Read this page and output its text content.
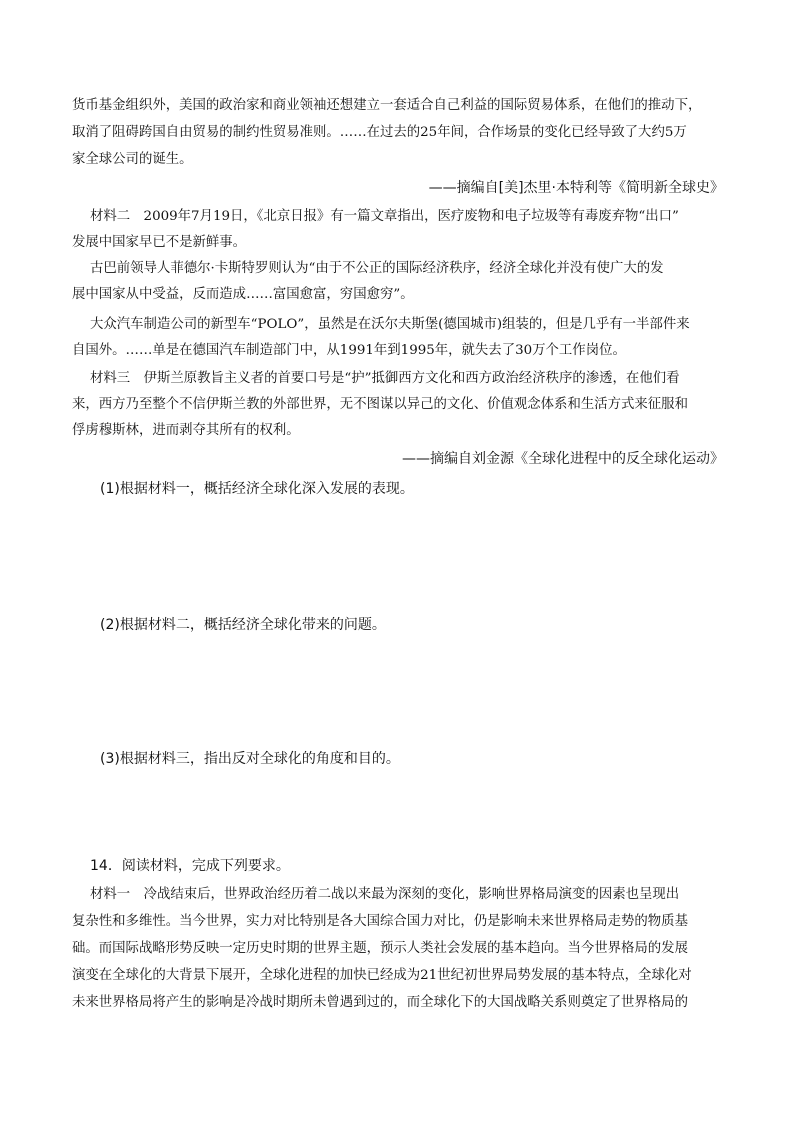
货币基金组织外，美国的政治家和商业领袖还想建立一套适合自己利益的国际贸易体系，在他们的推动下，
取消了阻碍跨国自由贸易的制约性贸易准则。……在过去的25年间，合作场景的变化已经导致了大约5万
家全球公司的诞生。
——摘编自[美]杰里·本特利等《简明新全球史》
材料二　2009年7月19日，《北京日报》有一篇文章指出，医疗废物和电子垃圾等有毒废弃物“出口”
发展中国家早已不是新鲜事。
古巴前领导人菲德尔·卡斯特罗则认为“由于不公正的国际经济秩序，经济全球化并没有使广大的发
展中国家从中受益，反而造成……富国愈富，穷国愈穷”。
大众汽车制造公司的新型车“POLO”，虽然是在沃尔夫斯堡(德国城市)组装的，但是几乎有一半部件来
自国外。……单是在德国汽车制造部门中，从1991年到1995年，就失去了30万个工作岗位。
材料三　伊斯兰原教旨主义者的首要口号是“护”抵御西方文化和西方政治经济秩序的渗透，在他们看
来，西方乃至整个不信伊斯兰教的外部世界，无不图谋以异己的文化、价值观念体系和生活方式来征服和
俘虏穆斯林，进而剥夺其所有的权利。
——摘编自刘金源《全球化进程中的反全球化运动》
(1)根据材料一，概括经济全球化深入发展的表现。
(2)根据材料二，概括经济全球化带来的问题。
(3)根据材料三，指出反对全球化的角度和目的。
14．阅读材料，完成下列要求。
材料一　冷战结束后，世界政治经历着二战以来最为深刻的变化，影响世界格局演变的因素也呈现出
复杂性和多维性。当今世界，实力对比特别是各大国综合国力对比，仍是影响未来世界格局走势的物质基
础。而国际战略形势反映一定历史时期的世界主题，预示人类社会发展的基本趋向。当今世界格局的发展
演变在全球化的大背景下展开，全球化进程的加快已经成为21世纪初世界局势发展的基本特点，全球化对
未来世界格局将产生的影响是冷战时期所未曾遇到过的，而全球化下的大国战略关系则奠定了世界格局的
